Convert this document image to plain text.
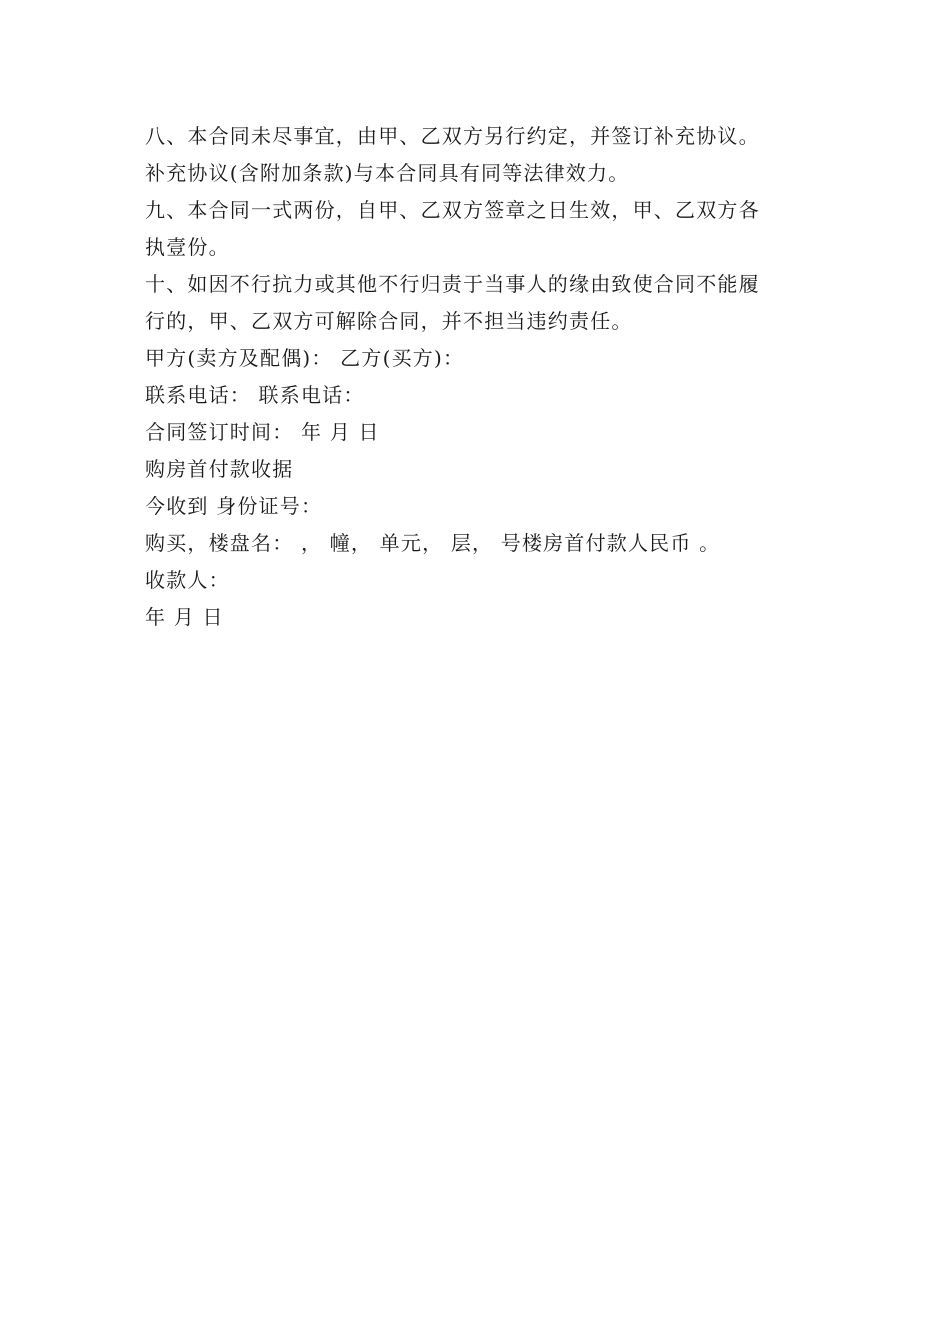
八、本合同未尽事宜，由甲、乙双方另行约定，并签订补充协议。
补充协议(含附加条款)与本合同具有同等法律效力。
九、本合同一式两份，自甲、乙双方签章之日生效，甲、乙双方各
执壹份。
十、如因不行抗力或其他不行归责于当事人的缘由致使合同不能履
行的，甲、乙双方可解除合同，并不担当违约责任。
甲方(卖方及配偶)： 乙方(买方)：
联系电话： 联系电话：
合同签订时间： 年 月 日
购房首付款收据
今收到 身份证号：
购买，楼盘名： ， 幢， 单元， 层， 号楼房首付款人民币 。
收款人：
年 月 日
